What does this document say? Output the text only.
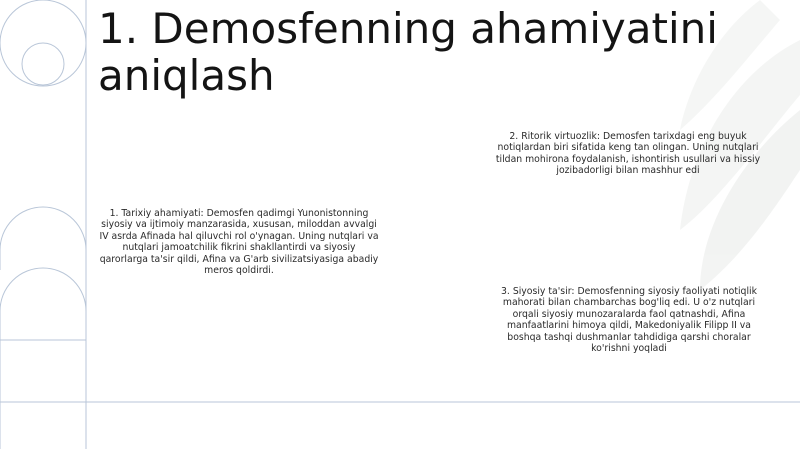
1. Demosfenning ahamiyatini aniqlash

1. Tarixiy ahamiyati: Demosfen qadimgi Yunonistonning siyosiy va ijtimoiy manzarasida, xususan, miloddan avvalgi IV asrda Afinada hal qiluvchi rol o'ynagan. Uning nutqlari va nutqlari jamoatchilik fikrini shakllantirdi va siyosiy qarorlarga ta'sir qildi, Afina va G'arb sivilizatsiyasiga abadiy meros qoldirdi.

2. Ritorik virtuozlik: Demosfen tarixdagi eng buyuk notiqlardan biri sifatida keng tan olingan. Uning nutqlari tildan mohirona foydalanish, ishontirish usullari va hissiy jozibadorligi bilan mashhur edi

3. Siyosiy ta'sir: Demosfenning siyosiy faoliyati notiqlik mahorati bilan chambarchas bog'liq edi. U o'z nutqlari orqali siyosiy munozaralarda faol qatnashdi, Afina manfaatlarini himoya qildi, Makedoniyalik Filipp II va boshqa tashqi dushmanlar tahdidiga qarshi choralar ko'rishni yoqladi
